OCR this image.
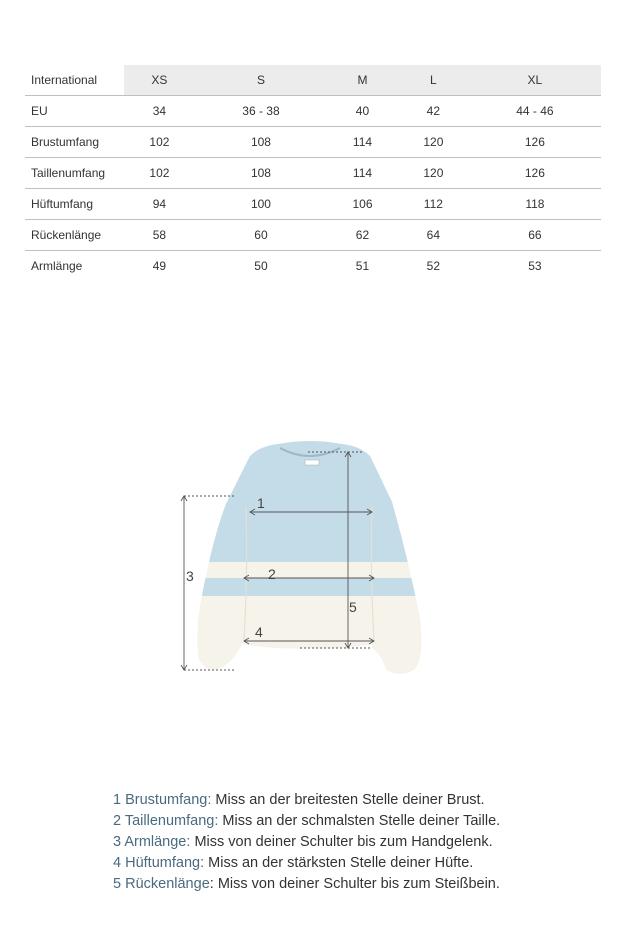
International	XS	S	M	L	XL
EU	34	36 - 38	40	42	44 - 46
Brustumfang	102	108	114	120	126
Taillenumfang	102	108	114	120	126
Hüftumfang	94	100	106	112	118
Rückenlänge	58	60	62	64	66
Armlänge	49	50	51	52	53
1
2
3
4
5
1 Brustumfang: Miss an der breitesten Stelle deiner Brust.
2 Taillenumfang: Miss an der schmalsten Stelle deiner Taille.
3 Armlänge: Miss von deiner Schulter bis zum Handgelenk.
4 Hüftumfang: Miss an der stärksten Stelle deiner Hüfte.
5 Rückenlänge: Miss von deiner Schulter bis zum Steißbein.
